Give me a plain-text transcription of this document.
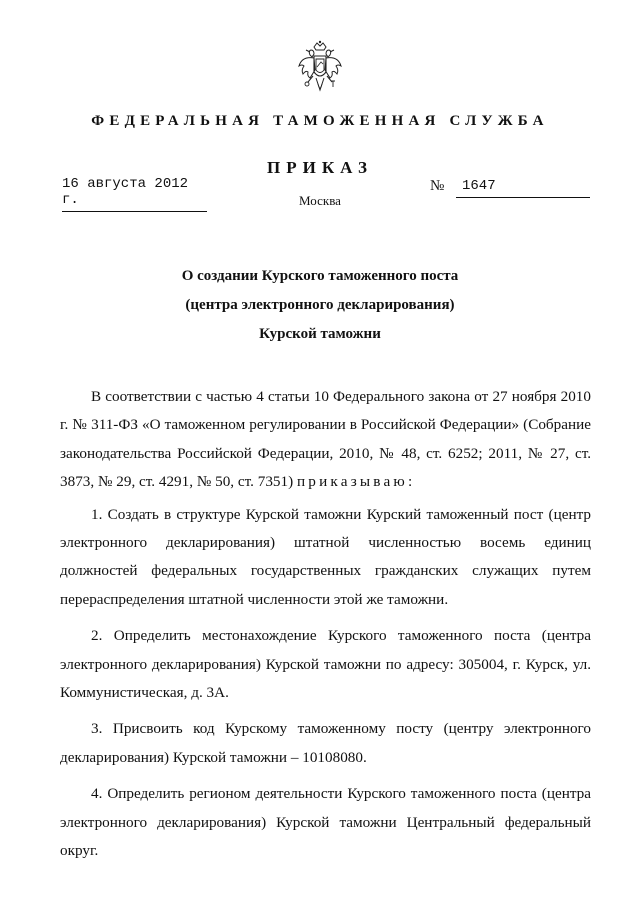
ФЕДЕРАЛЬНАЯ ТАМОЖЕННАЯ СЛУЖБА
ПРИКАЗ
16 августа 2012 г.
№	1647
Москва
О создании Курского таможенного поста
(центра электронного декларирования)
Курской таможни

В соответствии с частью 4 статьи 10 Федерального закона от 27 ноября 2010 г. № 311-ФЗ «О таможенном регулировании в Российской Федерации» (Собрание законодательства Российской Федерации, 2010, № 48, ст. 6252; 2011, № 27, ст. 3873, № 29, ст. 4291, № 50, ст. 7351) приказываю:

1. Создать в структуре Курской таможни Курский таможенный пост (центр электронного декларирования) штатной численностью восемь единиц должностей федеральных государственных гражданских служащих путем перераспределения штатной численности этой же таможни.

2. Определить местонахождение Курского таможенного поста (центра электронного декларирования) Курской таможни по адресу: 305004, г. Курск, ул. Коммунистическая, д. 3А.

3. Присвоить код Курскому таможенному посту (центру электронного декларирования) Курской таможни – 10108080.

4. Определить регионом деятельности Курского таможенного поста (центра электронного декларирования) Курской таможни Центральный федеральный округ.
